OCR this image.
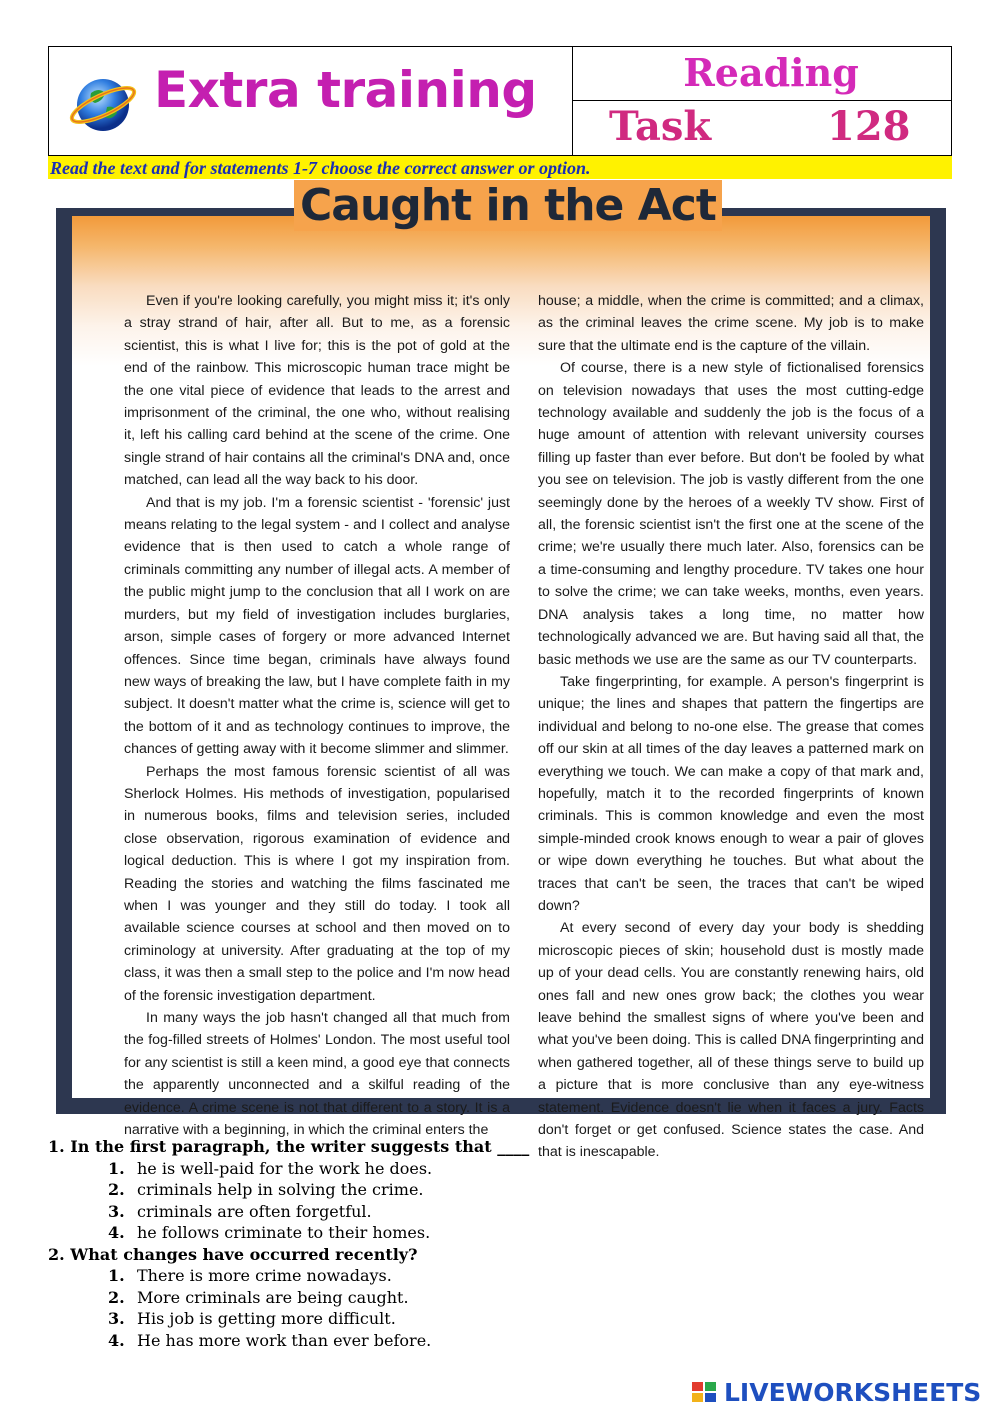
Extra training	Reading
Task	128
Read the text and for statements 1-7 choose the correct answer or option.

Even if you're looking carefully, you might miss it; it's only a stray strand of hair, after all. But to me, as a forensic scientist, this is what I live for; this is the pot of gold at the end of the rainbow. This microscopic human trace might be the one vital piece of evidence that leads to the arrest and imprisonment of the criminal, the one who, without realising it, left his calling card behind at the scene of the crime. One single strand of hair contains all the criminal's DNA and, once matched, can lead all the way back to his door.

And that is my job. I'm a forensic scientist - 'forensic' just means relating to the legal system - and I collect and analyse evidence that is then used to catch a whole range of criminals committing any number of illegal acts. A member of the public might jump to the conclusion that all I work on are murders, but my field of investigation includes burglaries, arson, simple cases of forgery or more advanced Internet offences. Since time began, criminals have always found new ways of breaking the law, but I have complete faith in my subject. It doesn't matter what the crime is, science will get to the bottom of it and as technology continues to improve, the chances of getting away with it become slimmer and slimmer.

Perhaps the most famous forensic scientist of all was Sherlock Holmes. His methods of investigation, popularised in numerous books, films and television series, included close observation, rigorous examination of evidence and logical deduction. This is where I got my inspiration from. Reading the stories and watching the films fascinated me when I was younger and they still do today. I took all available science courses at school and then moved on to criminology at university. After graduating at the top of my class, it was then a small step to the police and I'm now head of the forensic investigation department.

In many ways the job hasn't changed all that much from the fog-filled streets of Holmes' London. The most useful tool for any scientist is still a keen mind, a good eye that connects the apparently unconnected and a skilful reading of the evidence. A crime scene is not that different to a story. It is a narrative with a beginning, in which the criminal enters the

house; a middle, when the crime is committed; and a climax, as the criminal leaves the crime scene. My job is to make sure that the ultimate end is the capture of the villain.

Of course, there is a new style of fictionalised forensics on television nowadays that uses the most cutting-edge technology available and suddenly the job is the focus of a huge amount of attention with relevant university courses filling up faster than ever before. But don't be fooled by what you see on television. The job is vastly different from the one seemingly done by the heroes of a weekly TV show. First of all, the forensic scientist isn't the first one at the scene of the crime; we're usually there much later. Also, forensics can be a time-consuming and lengthy procedure. TV takes one hour to solve the crime; we can take weeks, months, even years. DNA analysis takes a long time, no matter how technologically advanced we are. But having said all that, the basic methods we use are the same as our TV counterparts.

Take fingerprinting, for example. A person's fingerprint is unique; the lines and shapes that pattern the fingertips are individual and belong to no-one else. The grease that comes off our skin at all times of the day leaves a patterned mark on everything we touch. We can make a copy of that mark and, hopefully, match it to the recorded fingerprints of known criminals. This is common knowledge and even the most simple-minded crook knows enough to wear a pair of gloves or wipe down everything he touches. But what about the traces that can't be seen, the traces that can't be wiped down?

At every second of every day your body is shedding microscopic pieces of skin; household dust is mostly made up of your dead cells. You are constantly renewing hairs, old ones fall and new ones grow back; the clothes you wear leave behind the smallest signs of where you've been and what you've been doing. This is called DNA fingerprinting and when gathered together, all of these things serve to build up a picture that is more conclusive than any eye-witness statement. Evidence doesn't lie when it faces a jury. Facts don't forget or get confused. Science states the case. And that is inescapable.

Caught in the Act
1. In the first paragraph, the writer suggests that ____
1. he is well-paid for the work he does.
2. criminals help in solving the crime.
3. criminals are often forgetful.
4. he follows criminate to their homes.
2. What changes have occurred recently?
1. There is more crime nowadays.
2. More criminals are being caught.
3. His job is getting more difficult.
4. He has more work than ever before.
LIVEWORKSHEETS
